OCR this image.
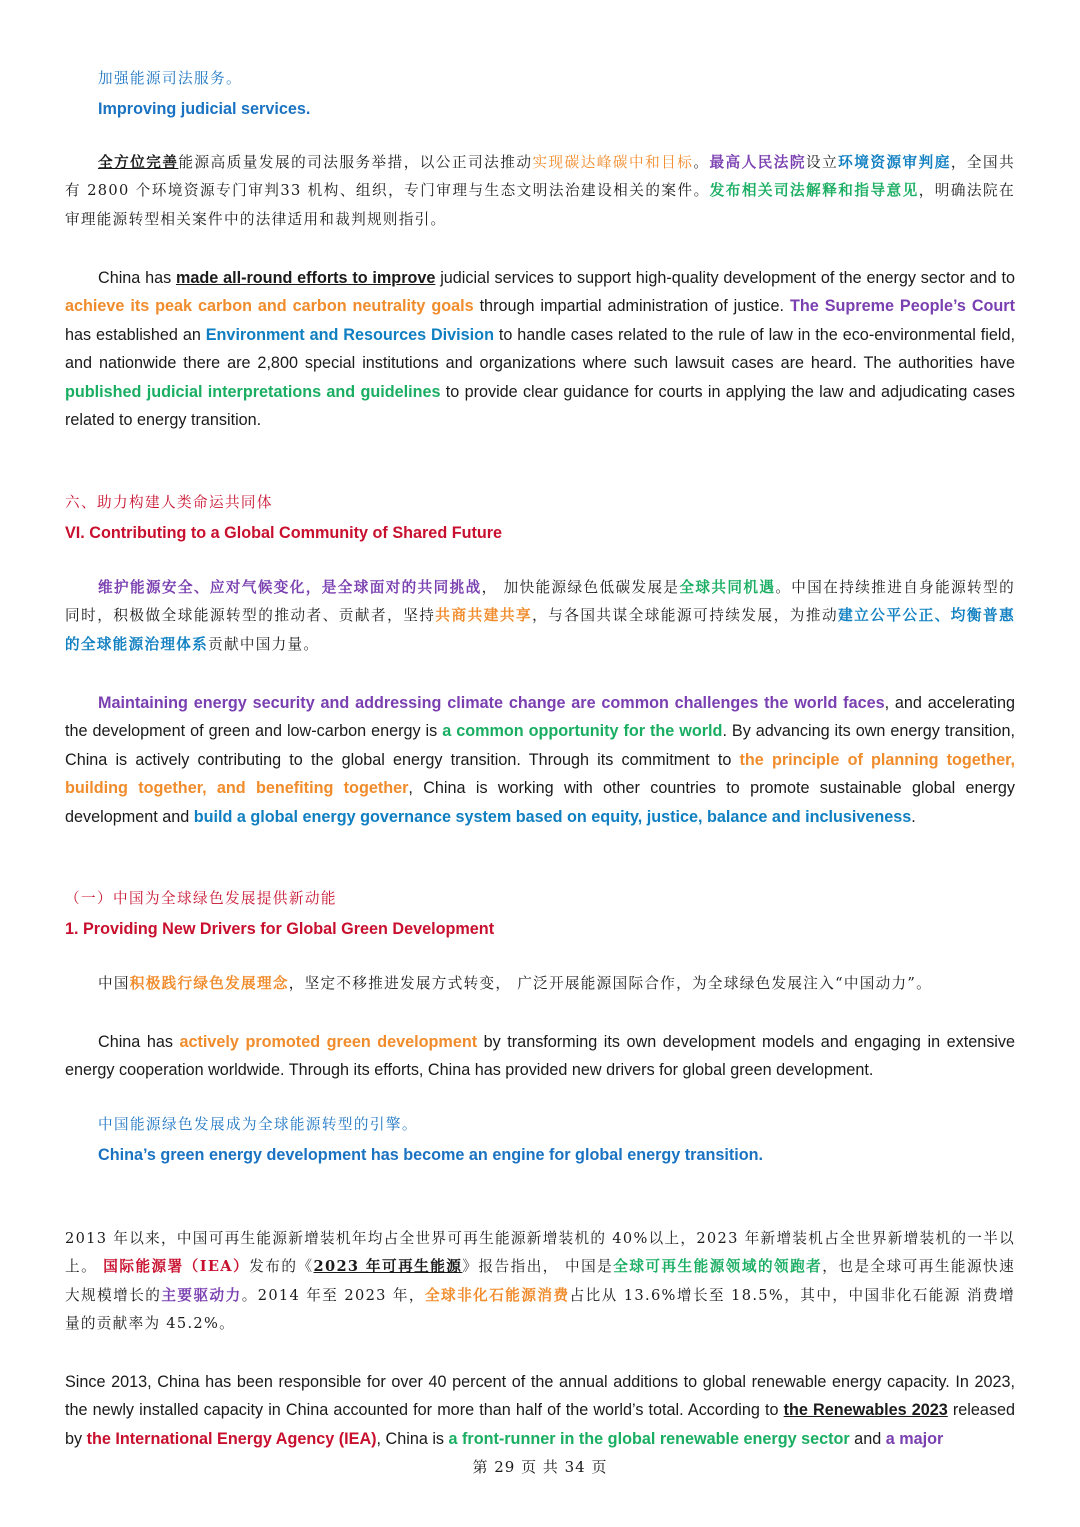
加强能源司法服务。
Improving judicial services.

全方位完善能源高质量发展的司法服务举措，以公正司法推动实现碳达峰碳中和目标。最高人民法院设立环境资源审判庭，全国共有 2800 个环境资源专门审判33 机构、组织，专门审理与生态文明法治建设相关的案件。发布相关司法解释和指导意见，明确法院在审理能源转型相关案件中的法律适用和裁判规则指引。

China has made all-round efforts to improve judicial services to support high-quality development of the energy sector and to achieve its peak carbon and carbon neutrality goals through impartial administration of justice. The Supreme People’s Court has established an Environment and Resources Division to handle cases related to the rule of law in the eco-environmental field, and nationwide there are 2,800 special institutions and organizations where such lawsuit cases are heard. The authorities have published judicial interpretations and guidelines to provide clear guidance for courts in applying the law and adjudicating cases related to energy transition.

六、助力构建人类命运共同体
VI. Contributing to a Global Community of Shared Future

维护能源安全、应对气候变化，是全球面对的共同挑战， 加快能源绿色低碳发展是全球共同机遇。中国在持续推进自身能源转型的同时，积极做全球能源转型的推动者、贡献者，坚持共商共建共享，与各国共谋全球能源可持续发展，为推动建立公平公正、均衡普惠的全球能源治理体系贡献中国力量。

Maintaining energy security and addressing climate change are common challenges the world faces, and accelerating the development of green and low-carbon energy is a common opportunity for the world. By advancing its own energy transition, China is actively contributing to the global energy transition. Through its commitment to the principle of planning together, building together, and benefiting together, China is working with other countries to promote sustainable global energy development and build a global energy governance system based on equity, justice, balance and inclusiveness.

（一）中国为全球绿色发展提供新动能
1. Providing New Drivers for Global Green Development

中国积极践行绿色发展理念，坚定不移推进发展方式转变， 广泛开展能源国际合作，为全球绿色发展注入“中国动力”。

China has actively promoted green development by transforming its own development models and engaging in extensive energy cooperation worldwide. Through its efforts, China has provided new drivers for global green development.

中国能源绿色发展成为全球能源转型的引擎。
China’s green energy development has become an engine for global energy transition.

2013 年以来，中国可再生能源新增装机年均占全世界可再生能源新增装机的 40%以上，2023 年新增装机占全世界新增装机的一半以上。 国际能源署（IEA）发布的《2023 年可再生能源》报告指出， 中国是全球可再生能源领域的领跑者，也是全球可再生能源快速大规模增长的主要驱动力。2014 年至 2023 年，全球非化石能源消费占比从 13.6%增长至 18.5%，其中，中国非化石能源 消费增量的贡献率为 45.2%。

Since 2013, China has been responsible for over 40 percent of the annual additions to global renewable energy capacity. In 2023, the newly installed capacity in China accounted for more than half of the world’s total. According to the Renewables 2023 released by the International Energy Agency (IEA), China is a front-runner in the global renewable energy sector and a major

第 29 页 共 34 页
